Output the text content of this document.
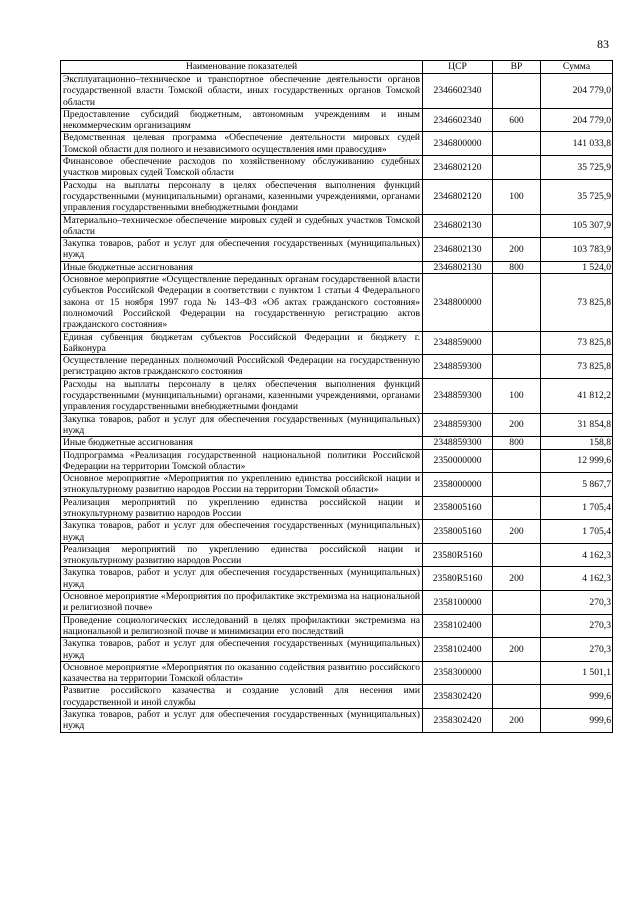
83
Наименование показателей	ЦСР	ВР	Сумма
Эксплуатационно–техническое и транспортное обеспечение деятельности органов государственной власти Томской области, иных государственных органов Томской области	2346602340		204 779,0
Предоставление субсидий бюджетным, автономным учреждениям и иным некоммерческим организациям	2346602340	600	204 779,0
Ведомственная целевая программа «Обеспечение деятельности мировых судей Томской области для полного и независимого осуществления ими правосудия»	2346800000		141 033,8
Финансовое обеспечение расходов по хозяйственному обслуживанию судебных участков мировых судей Томской области	2346802120		35 725,9
Расходы на выплаты персоналу в целях обеспечения выполнения функций государственными (муниципальными) органами, казенными учреждениями, органами управления государственными внебюджетными фондами	2346802120	100	35 725,9
Материально–техническое обеспечение мировых судей и судебных участков Томской области	2346802130		105 307,9
Закупка товаров, работ и услуг для обеспечения государственных (муниципальных) нужд	2346802130	200	103 783,9
Иные бюджетные ассигнования	2346802130	800	1 524,0
Основное мероприятие «Осуществление переданных органам государственной власти субъектов Российской Федерации в соответствии с пунктом 1 статьи 4 Федерального закона от 15 ноября 1997 года № 143–ФЗ «Об актах гражданского состояния» полномочий Российской Федерации на государственную регистрацию актов гражданского состояния»	2348800000		73 825,8
Единая субвенция бюджетам субъектов Российской Федерации и бюджету г. Байконура	2348859000		73 825,8
Осуществление переданных полномочий Российской Федерации на государственную регистрацию актов гражданского состояния	2348859300		73 825,8
Расходы на выплаты персоналу в целях обеспечения выполнения функций государственными (муниципальными) органами, казенными учреждениями, органами управления государственными внебюджетными фондами	2348859300	100	41 812,2
Закупка товаров, работ и услуг для обеспечения государственных (муниципальных) нужд	2348859300	200	31 854,8
Иные бюджетные ассигнования	2348859300	800	158,8
Подпрограмма «Реализация государственной национальной политики Российской Федерации на территории Томской области»	2350000000		12 999,6
Основное мероприятие «Мероприятия по укреплению единства российской нации и этнокультурному развитию народов России на территории Томской области»	2358000000		5 867,7
Реализация мероприятий по укреплению единства российской нации и этнокультурному развитию народов России	2358005160		1 705,4
Закупка товаров, работ и услуг для обеспечения государственных (муниципальных) нужд	2358005160	200	1 705,4
Реализация мероприятий по укреплению единства российской нации и этнокультурному развитию народов России	23580R5160		4 162,3
Закупка товаров, работ и услуг для обеспечения государственных (муниципальных) нужд	23580R5160	200	4 162,3
Основное мероприятие «Мероприятия по профилактике экстремизма на национальной и религиозной почве»	2358100000		270,3
Проведение социологических исследований в целях профилактики экстремизма на национальной и религиозной почве и минимизации его последствий	2358102400		270,3
Закупка товаров, работ и услуг для обеспечения государственных (муниципальных) нужд	2358102400	200	270,3
Основное мероприятие «Мероприятия по оказанию содействия развитию российского казачества на территории Томской области»	2358300000		1 501,1
Развитие российского казачества и создание условий для несения ими государственной и иной службы	2358302420		999,6
Закупка товаров, работ и услуг для обеспечения государственных (муниципальных) нужд	2358302420	200	999,6
